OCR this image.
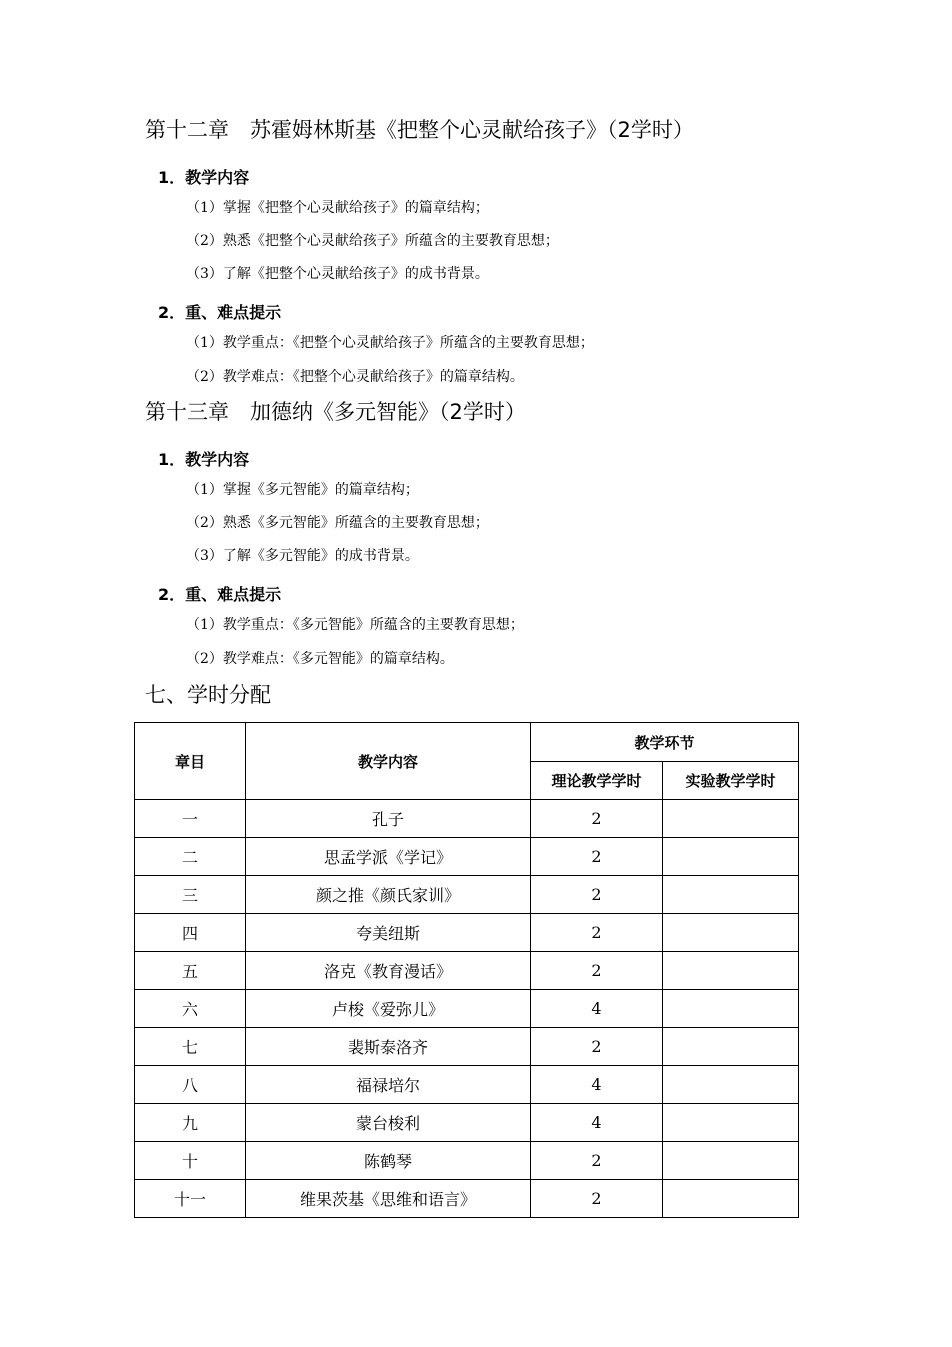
第十二章　苏霍姆林斯基《把整个心灵献给孩子》（2学时）
1．教学内容
（1）掌握《把整个心灵献给孩子》的篇章结构；
（2）熟悉《把整个心灵献给孩子》所蕴含的主要教育思想；
（3）了解《把整个心灵献给孩子》的成书背景。
2．重、难点提示
（1）教学重点：《把整个心灵献给孩子》所蕴含的主要教育思想；
（2）教学难点：《把整个心灵献给孩子》的篇章结构。
第十三章　加德纳《多元智能》（2学时）
1．教学内容
（1）掌握《多元智能》的篇章结构；
（2）熟悉《多元智能》所蕴含的主要教育思想；
（3）了解《多元智能》的成书背景。
2．重、难点提示
（1）教学重点：《多元智能》所蕴含的主要教育思想；
（2）教学难点：《多元智能》的篇章结构。
七、学时分配
章目	教学内容	教学环节	
		理论教学学时	实验教学学时
一	孔子	2	
二	思孟学派《学记》	2	
三	颜之推《颜氏家训》	2	
四	夸美纽斯	2	
五	洛克《教育漫话》	2	
六	卢梭《爱弥儿》	4	
七	裴斯泰洛齐	2	
八	福禄培尔	4	
九	蒙台梭利	4	
十	陈鹤琴	2	
十一	维果茨基《思维和语言》	2	
